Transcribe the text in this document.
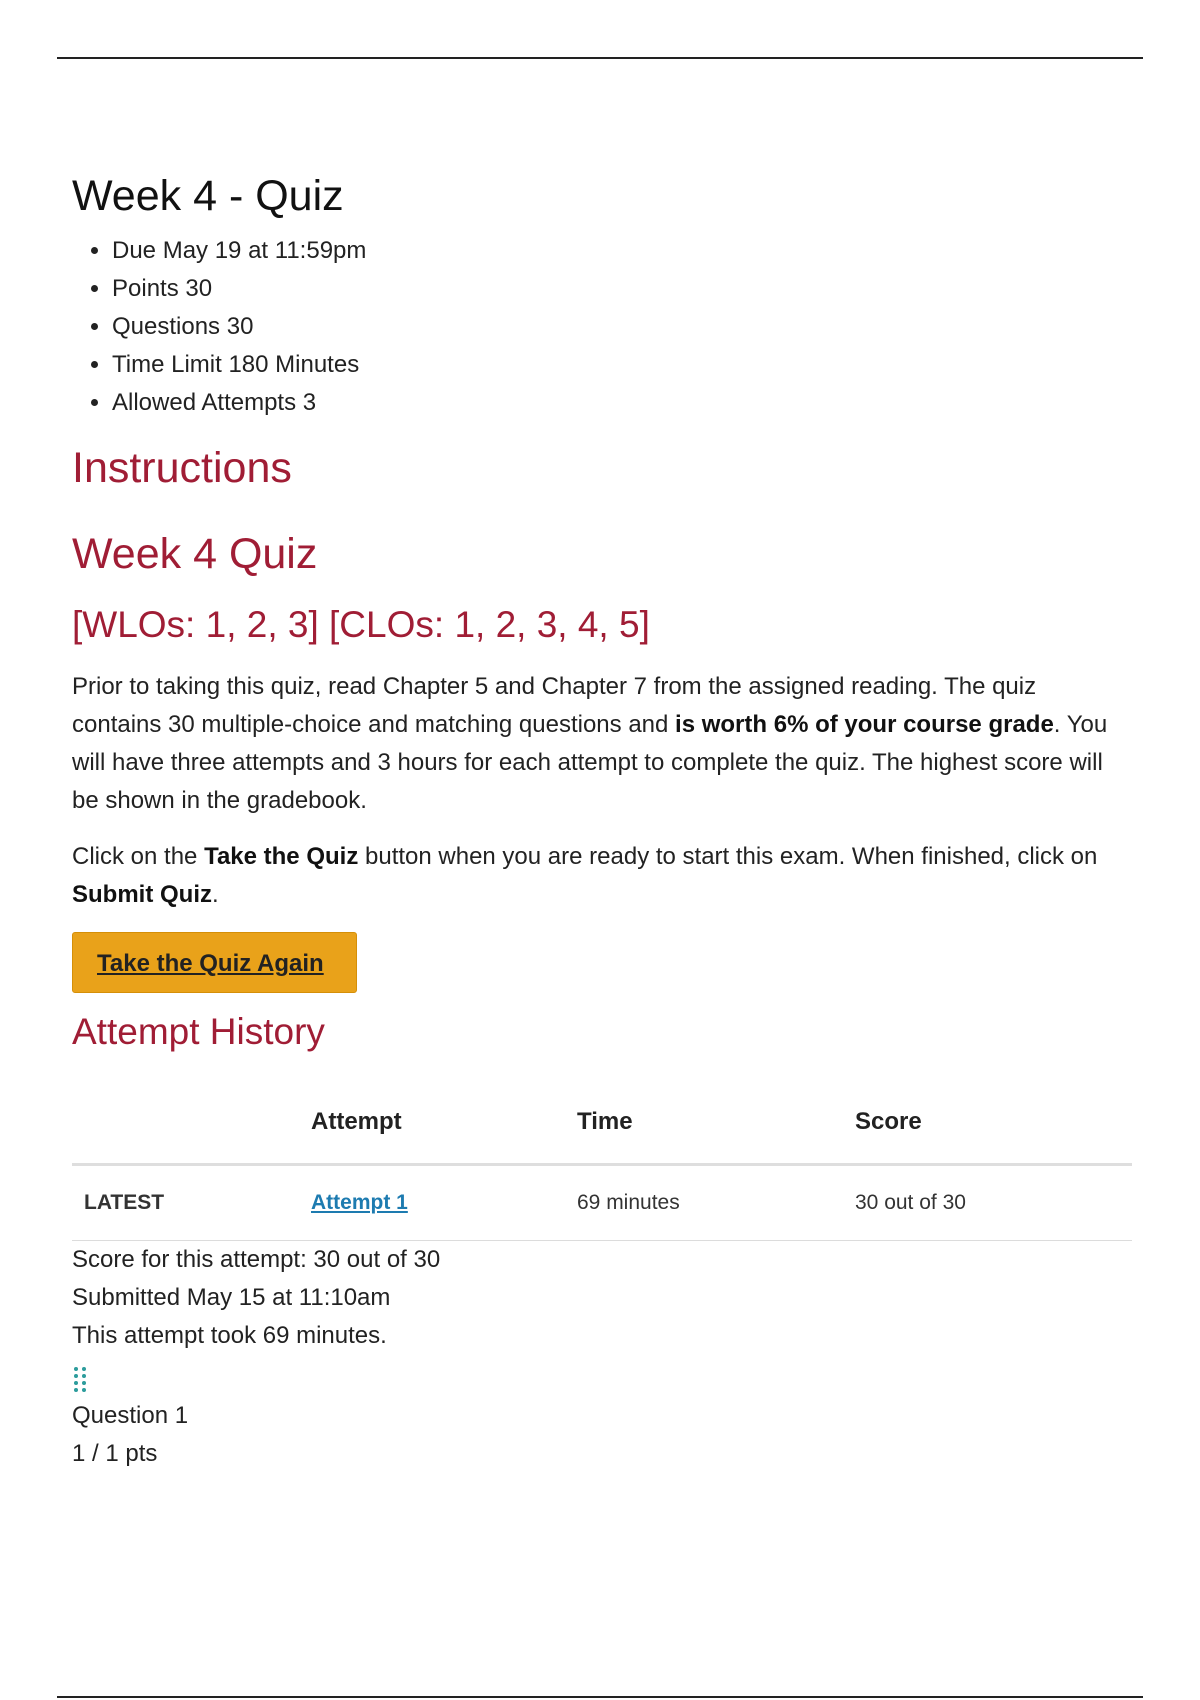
Week 4 - Quiz
• Due May 19 at 11:59pm
• Points 30
• Questions 30
• Time Limit 180 Minutes
• Allowed Attempts 3
Instructions
Week 4 Quiz
[WLOs: 1, 2, 3] [CLOs: 1, 2, 3, 4, 5]

Prior to taking this quiz, read Chapter 5 and Chapter 7 from the assigned reading. The quiz contains 30 multiple-choice and matching questions and is worth 6% of your course grade. You will have three attempts and 3 hours for each attempt to complete the quiz. The highest score will be shown in the gradebook.

Click on the Take the Quiz button when you are ready to start this exam. When finished, click on Submit Quiz.

Take the Quiz Again
Attempt History
	Attempt	Time	Score
LATEST	Attempt 1	69 minutes	30 out of 30
Score for this attempt: 30 out of 30
Submitted May 15 at 11:10am
This attempt took 69 minutes.
Question 1
1 / 1 pts
